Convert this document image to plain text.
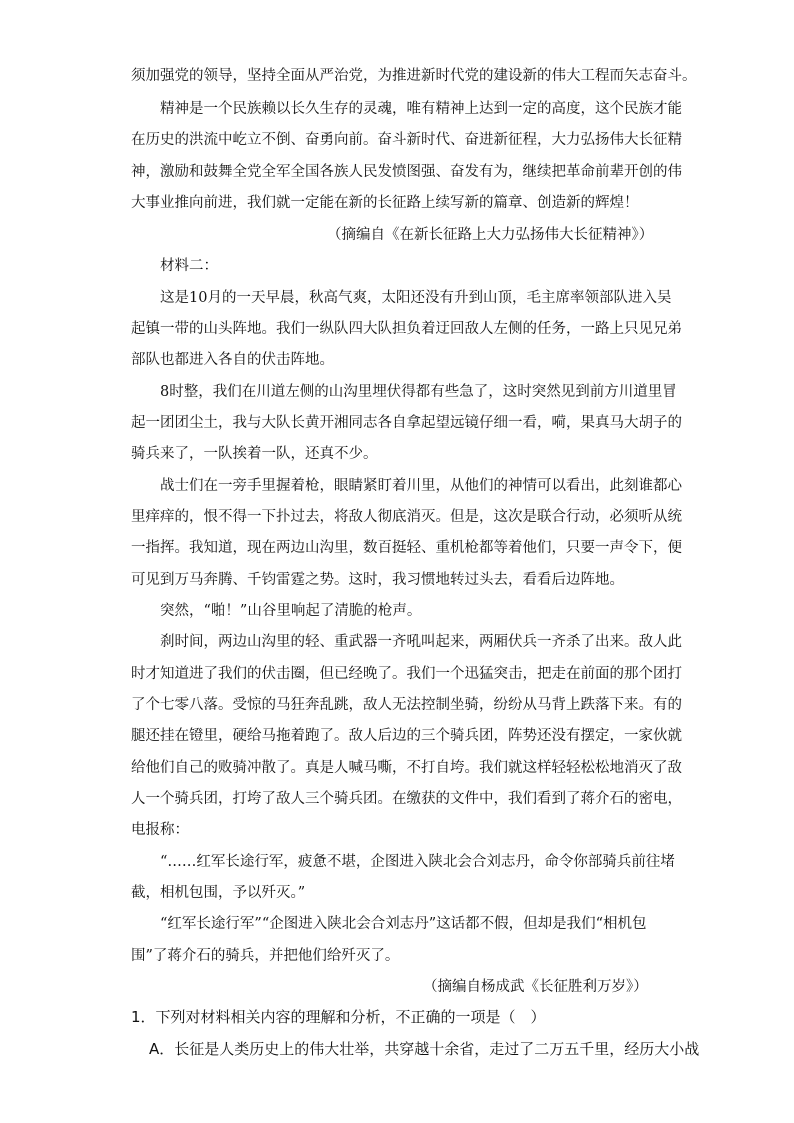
须加强党的领导，坚持全面从严治党，为推进新时代党的建设新的伟大工程而矢志奋斗。
精神是一个民族赖以长久生存的灵魂，唯有精神上达到一定的高度，这个民族才能
在历史的洪流中屹立不倒、奋勇向前。奋斗新时代、奋进新征程，大力弘扬伟大长征精
神，激励和鼓舞全党全军全国各族人民发愤图强、奋发有为，继续把革命前辈开创的伟
大事业推向前进，我们就一定能在新的长征路上续写新的篇章、创造新的辉煌！
（摘编自《在新长征路上大力弘扬伟大长征精神》）
材料二：
这是10月的一天早晨，秋高气爽，太阳还没有升到山顶，毛主席率领部队进入吴
起镇一带的山头阵地。我们一纵队四大队担负着迂回敌人左侧的任务，一路上只见兄弟
部队也都进入各自的伏击阵地。
8时整，我们在川道左侧的山沟里埋伏得都有些急了，这时突然见到前方川道里冒
起一团团尘土，我与大队长黄开湘同志各自拿起望远镜仔细一看，嗬，果真马大胡子的
骑兵来了，一队挨着一队，还真不少。
战士们在一旁手里握着枪，眼睛紧盯着川里，从他们的神情可以看出，此刻谁都心
里痒痒的，恨不得一下扑过去，将敌人彻底消灭。但是，这次是联合行动，必须听从统
一指挥。我知道，现在两边山沟里，数百挺轻、重机枪都等着他们，只要一声令下，便
可见到万马奔腾、千钧雷霆之势。这时，我习惯地转过头去，看看后边阵地。
突然，“啪！”山谷里响起了清脆的枪声。
刹时间，两边山沟里的轻、重武器一齐吼叫起来，两厢伏兵一齐杀了出来。敌人此
时才知道进了我们的伏击圈，但已经晚了。我们一个迅猛突击，把走在前面的那个团打
了个七零八落。受惊的马狂奔乱跳，敌人无法控制坐骑，纷纷从马背上跌落下来。有的
腿还挂在镫里，硬给马拖着跑了。敌人后边的三个骑兵团，阵势还没有摆定，一家伙就
给他们自己的败骑冲散了。真是人喊马嘶，不打自垮。我们就这样轻轻松松地消灭了敌
人一个骑兵团，打垮了敌人三个骑兵团。在缴获的文件中，我们看到了蒋介石的密电，
电报称：
“……红军长途行军，疲惫不堪，企图进入陕北会合刘志丹，命令你部骑兵前往堵
截，相机包围，予以歼灭。”
“红军长途行军”“企图进入陕北会合刘志丹”这话都不假，但却是我们“相机包
围”了蒋介石的骑兵，并把他们给歼灭了。
（摘编自杨成武《长征胜利万岁》）
1．下列对材料相关内容的理解和分析，不正确的一项是（　）
A．长征是人类历史上的伟大壮举，共穿越十余省，走过了二万五千里，经历大小战
